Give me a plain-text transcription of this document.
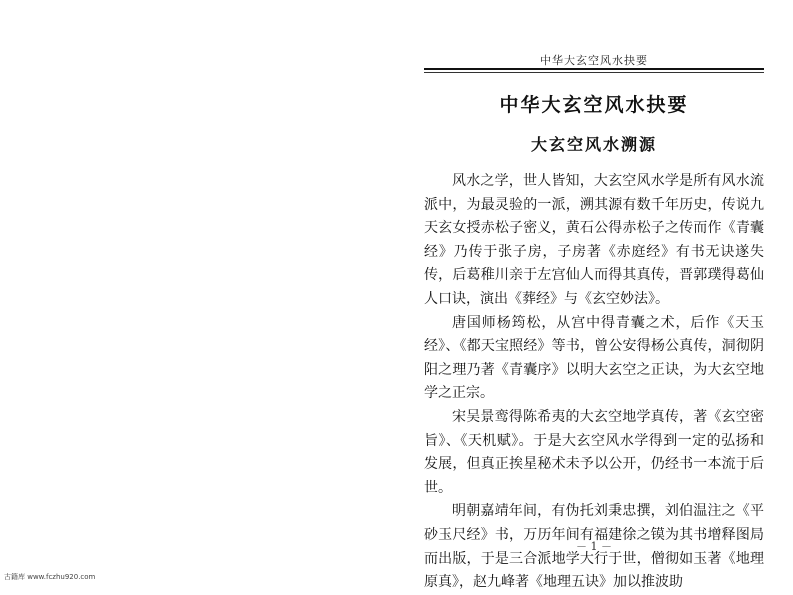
中华大玄空风水抉要
中华大玄空风水抉要
大玄空风水溯源

风水之学，世人皆知，大玄空风水学是所有风水流派中，为最灵验的一派，溯其源有数千年历史，传说九天玄女授赤松子密义，黄石公得赤松子之传而作《青囊经》乃传于张子房，子房著《赤庭经》有书无诀遂失传，后葛稚川亲于左宫仙人而得其真传，晋郭璞得葛仙人口诀，演出《葬经》与《玄空妙法》。

唐国师杨筠松，从宫中得青囊之术，后作《天玉经》、《都天宝照经》等书，曾公安得杨公真传，洞彻阴阳之理乃著《青囊序》以明大玄空之正诀，为大玄空地学之正宗。

宋吴景鸾得陈希夷的大玄空地学真传，著《玄空密旨》、《天机赋》。于是大玄空风水学得到一定的弘扬和发展，但真正挨星秘术未予以公开，仍经书一本流于后世。

明朝嘉靖年间，有伪托刘秉忠撰，刘伯温注之《平砂玉尺经》书，万历年间有福建徐之镆为其书增释图局而出版，于是三合派地学大行于世，僧彻如玉著《地理原真》，赵九峰著《地理五诀》加以推波助

－ 1 －
古籍库 www.fczhu920.com
